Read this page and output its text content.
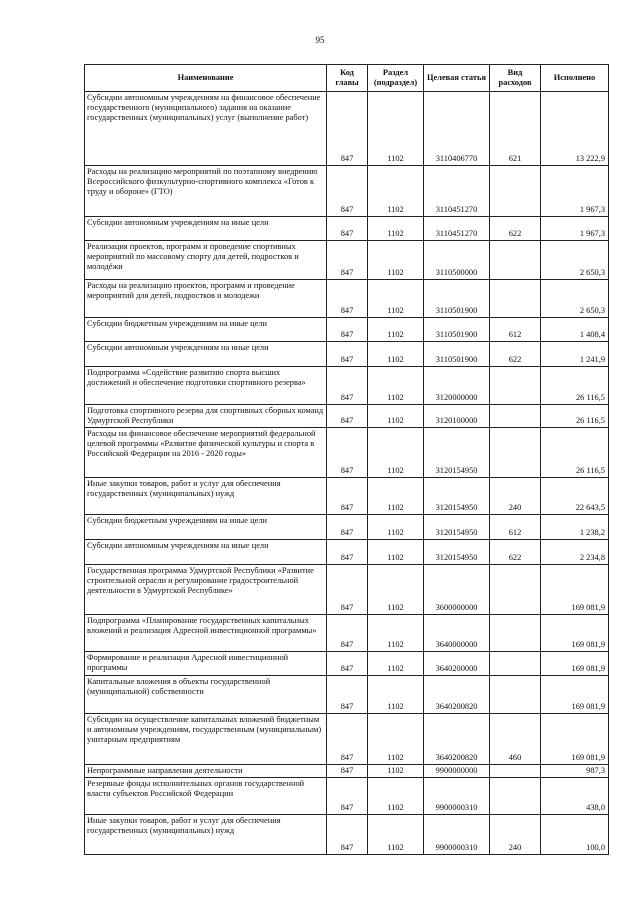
95
Наименование	Код главы	Раздел (подраздел)	Целевая статья	Вид расходов	Исполнено
Субсидии автономным учреждениям на финансовое обеспечение государственного (муниципального) задания на оказание государственных (муниципальных) услуг (выполнение работ)	847	1102	3110406770	621	13 222,9
Расходы на реализацию мероприятий по поэтапному внедрению Всероссийского физкультурно-спортивного комплекса «Готов к труду и обороне» (ГТО)	847	1102	3110451270		1 967,3
Субсидии автономным учреждениям на иные цели	847	1102	3110451270	622	1 967,3
Реализация проектов, программ и проведение спортивных мероприятий по массовому спорту для детей, подростков и молодёжи	847	1102	3110500000		2 650,3
Расходы на реализацию проектов, программ и проведение мероприятий для детей, подростков и молодежи	847	1102	3110501900		2 650,3
Субсидии бюджетным учреждениям на иные цели	847	1102	3110501900	612	1 408,4
Субсидии автономным учреждениям на иные цели	847	1102	3110501900	622	1 241,9
Подпрограмма «Содействие развитию спорта высших достижений и обеспечение подготовки спортивного резерва»	847	1102	3120000000		26 116,5
Подготовка спортивного резерва для спортивных сборных команд Удмуртской Республики	847	1102	3120100000		26 116,5
Расходы на финансовое обеспечение мероприятий федеральной целевой программы «Развитие физической культуры и спорта в Российской Федерации на 2016 - 2020 годы»	847	1102	3120154950		26 116,5
Иные закупки товаров, работ и услуг для обеспечения государственных (муниципальных) нужд	847	1102	3120154950	240	22 643,5
Субсидии бюджетным учреждениям на иные цели	847	1102	3120154950	612	1 238,2
Субсидии автономным учреждениям на иные цели	847	1102	3120154950	622	2 234,8
Государственная программа Удмуртской Республики «Развитие строительной отрасли и регулирование градостроительной деятельности в Удмуртской Республике»	847	1102	3600000000		169 081,9
Подпрограмма «Планирование государственных капитальных вложений и реализация Адресной инвестиционной программы»	847	1102	3640000000		169 081,9
Формирование и реализация Адресной инвестиционной программы	847	1102	3640200000		169 081,9
Капитальные вложения в объекты государственной (муниципальной) собственности	847	1102	3640200820		169 081,9
Субсидии на осуществление капитальных вложений бюджетным и автономным учреждениям, государственным (муниципальным) унитарным предприятиям	847	1102	3640200820	460	169 081,9
Непрограммные направления деятельности	847	1102	9900000000		987,3
Резервные фонды исполнительных органов государственной власти субъектов Российской Федерации	847	1102	9900000310		438,0
Иные закупки товаров, работ и услуг для обеспечения государственных (муниципальных) нужд	847	1102	9900000310	240	100,0
